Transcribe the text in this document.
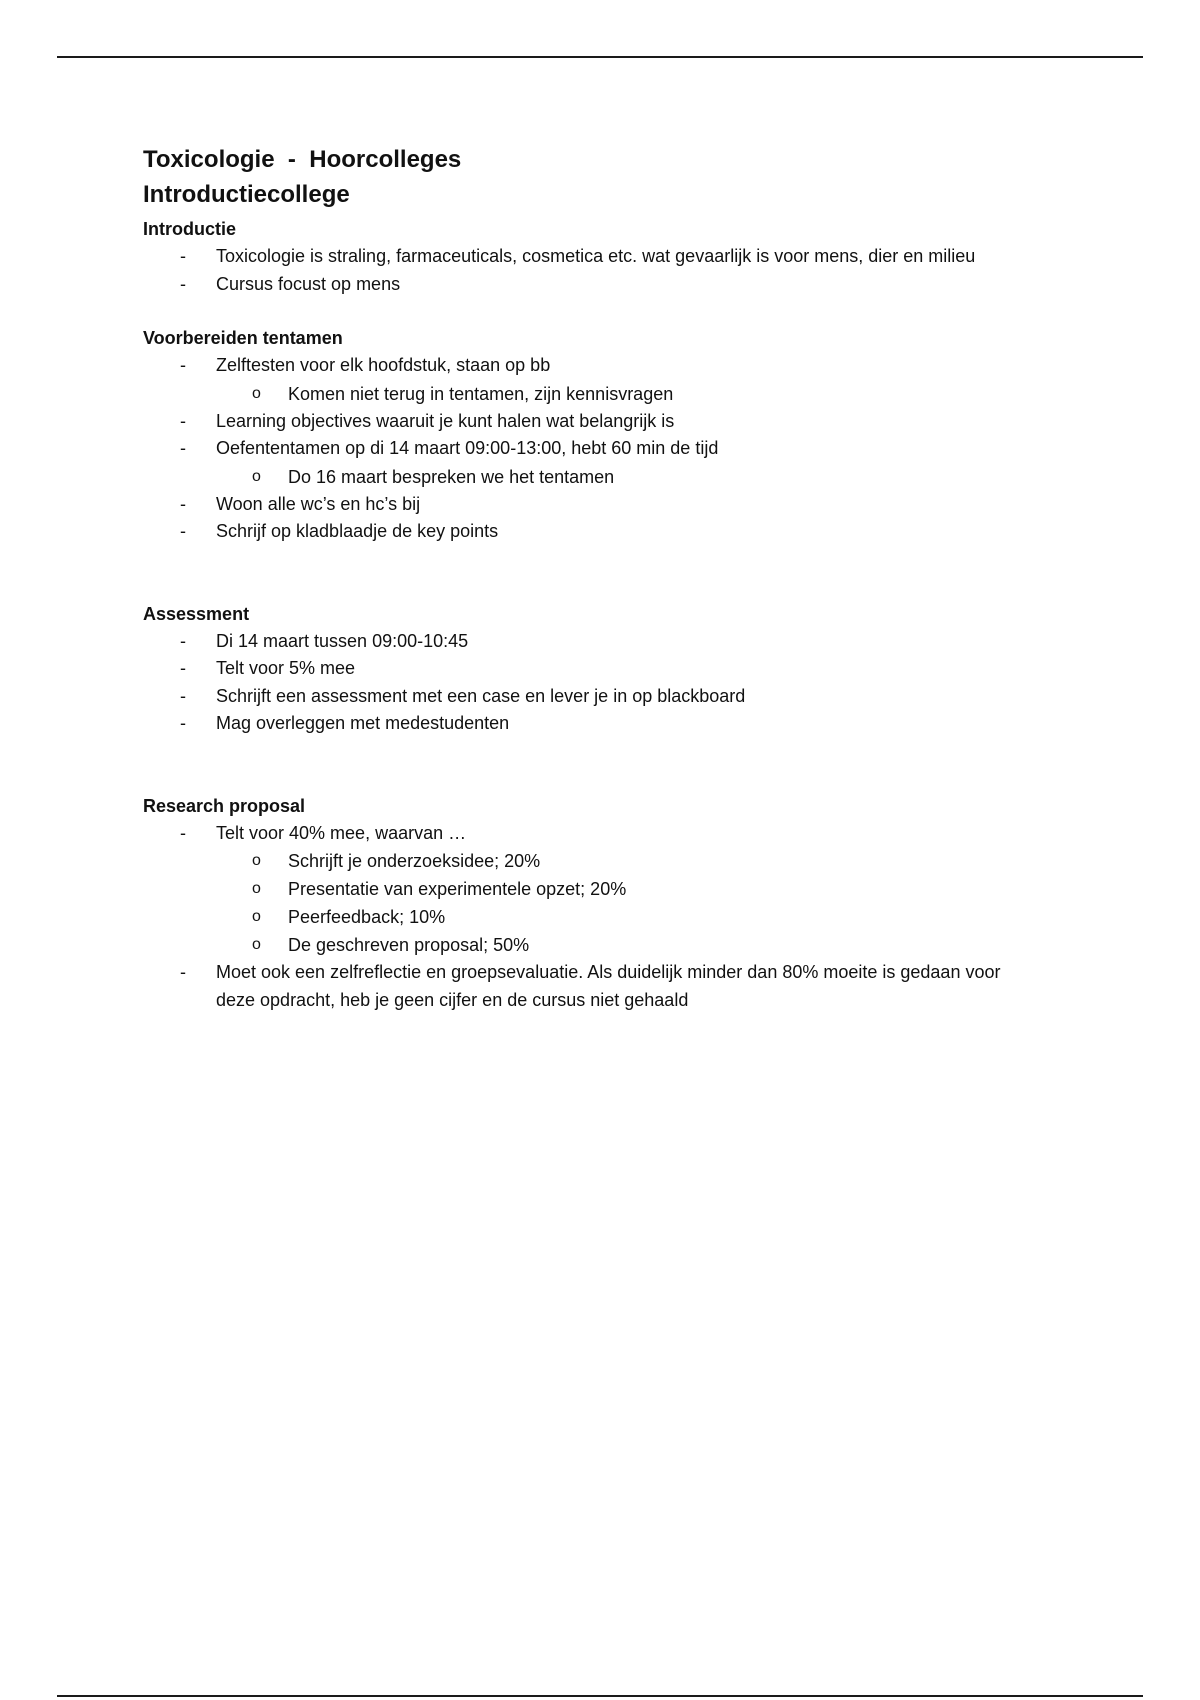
Toxicologie  -  Hoorcolleges
Introductiecollege
Introductie
- Toxicologie is straling, farmaceuticals, cosmetica etc. wat gevaarlijk is voor mens, dier en milieu
- Cursus focust op mens
Voorbereiden tentamen
- Zelftesten voor elk hoofdstuk, staan op bb
o Komen niet terug in tentamen, zijn kennisvragen
- Learning objectives waaruit je kunt halen wat belangrijk is
- Oefententamen op di 14 maart 09:00-13:00, hebt 60 min de tijd
o Do 16 maart bespreken we het tentamen
- Woon alle wc’s en hc’s bij
- Schrijf op kladblaadje de key points
Assessment
- Di 14 maart tussen 09:00-10:45
- Telt voor 5% mee
- Schrijft een assessment met een case en lever je in op blackboard
- Mag overleggen met medestudenten
Research proposal
- Telt voor 40% mee, waarvan …
o Schrijft je onderzoeksidee; 20%
o Presentatie van experimentele opzet; 20%
o Peerfeedback; 10%
o De geschreven proposal; 50%
- Moet ook een zelfreflectie en groepsevaluatie. Als duidelijk minder dan 80% moeite is gedaan voor deze opdracht, heb je geen cijfer en de cursus niet gehaald
